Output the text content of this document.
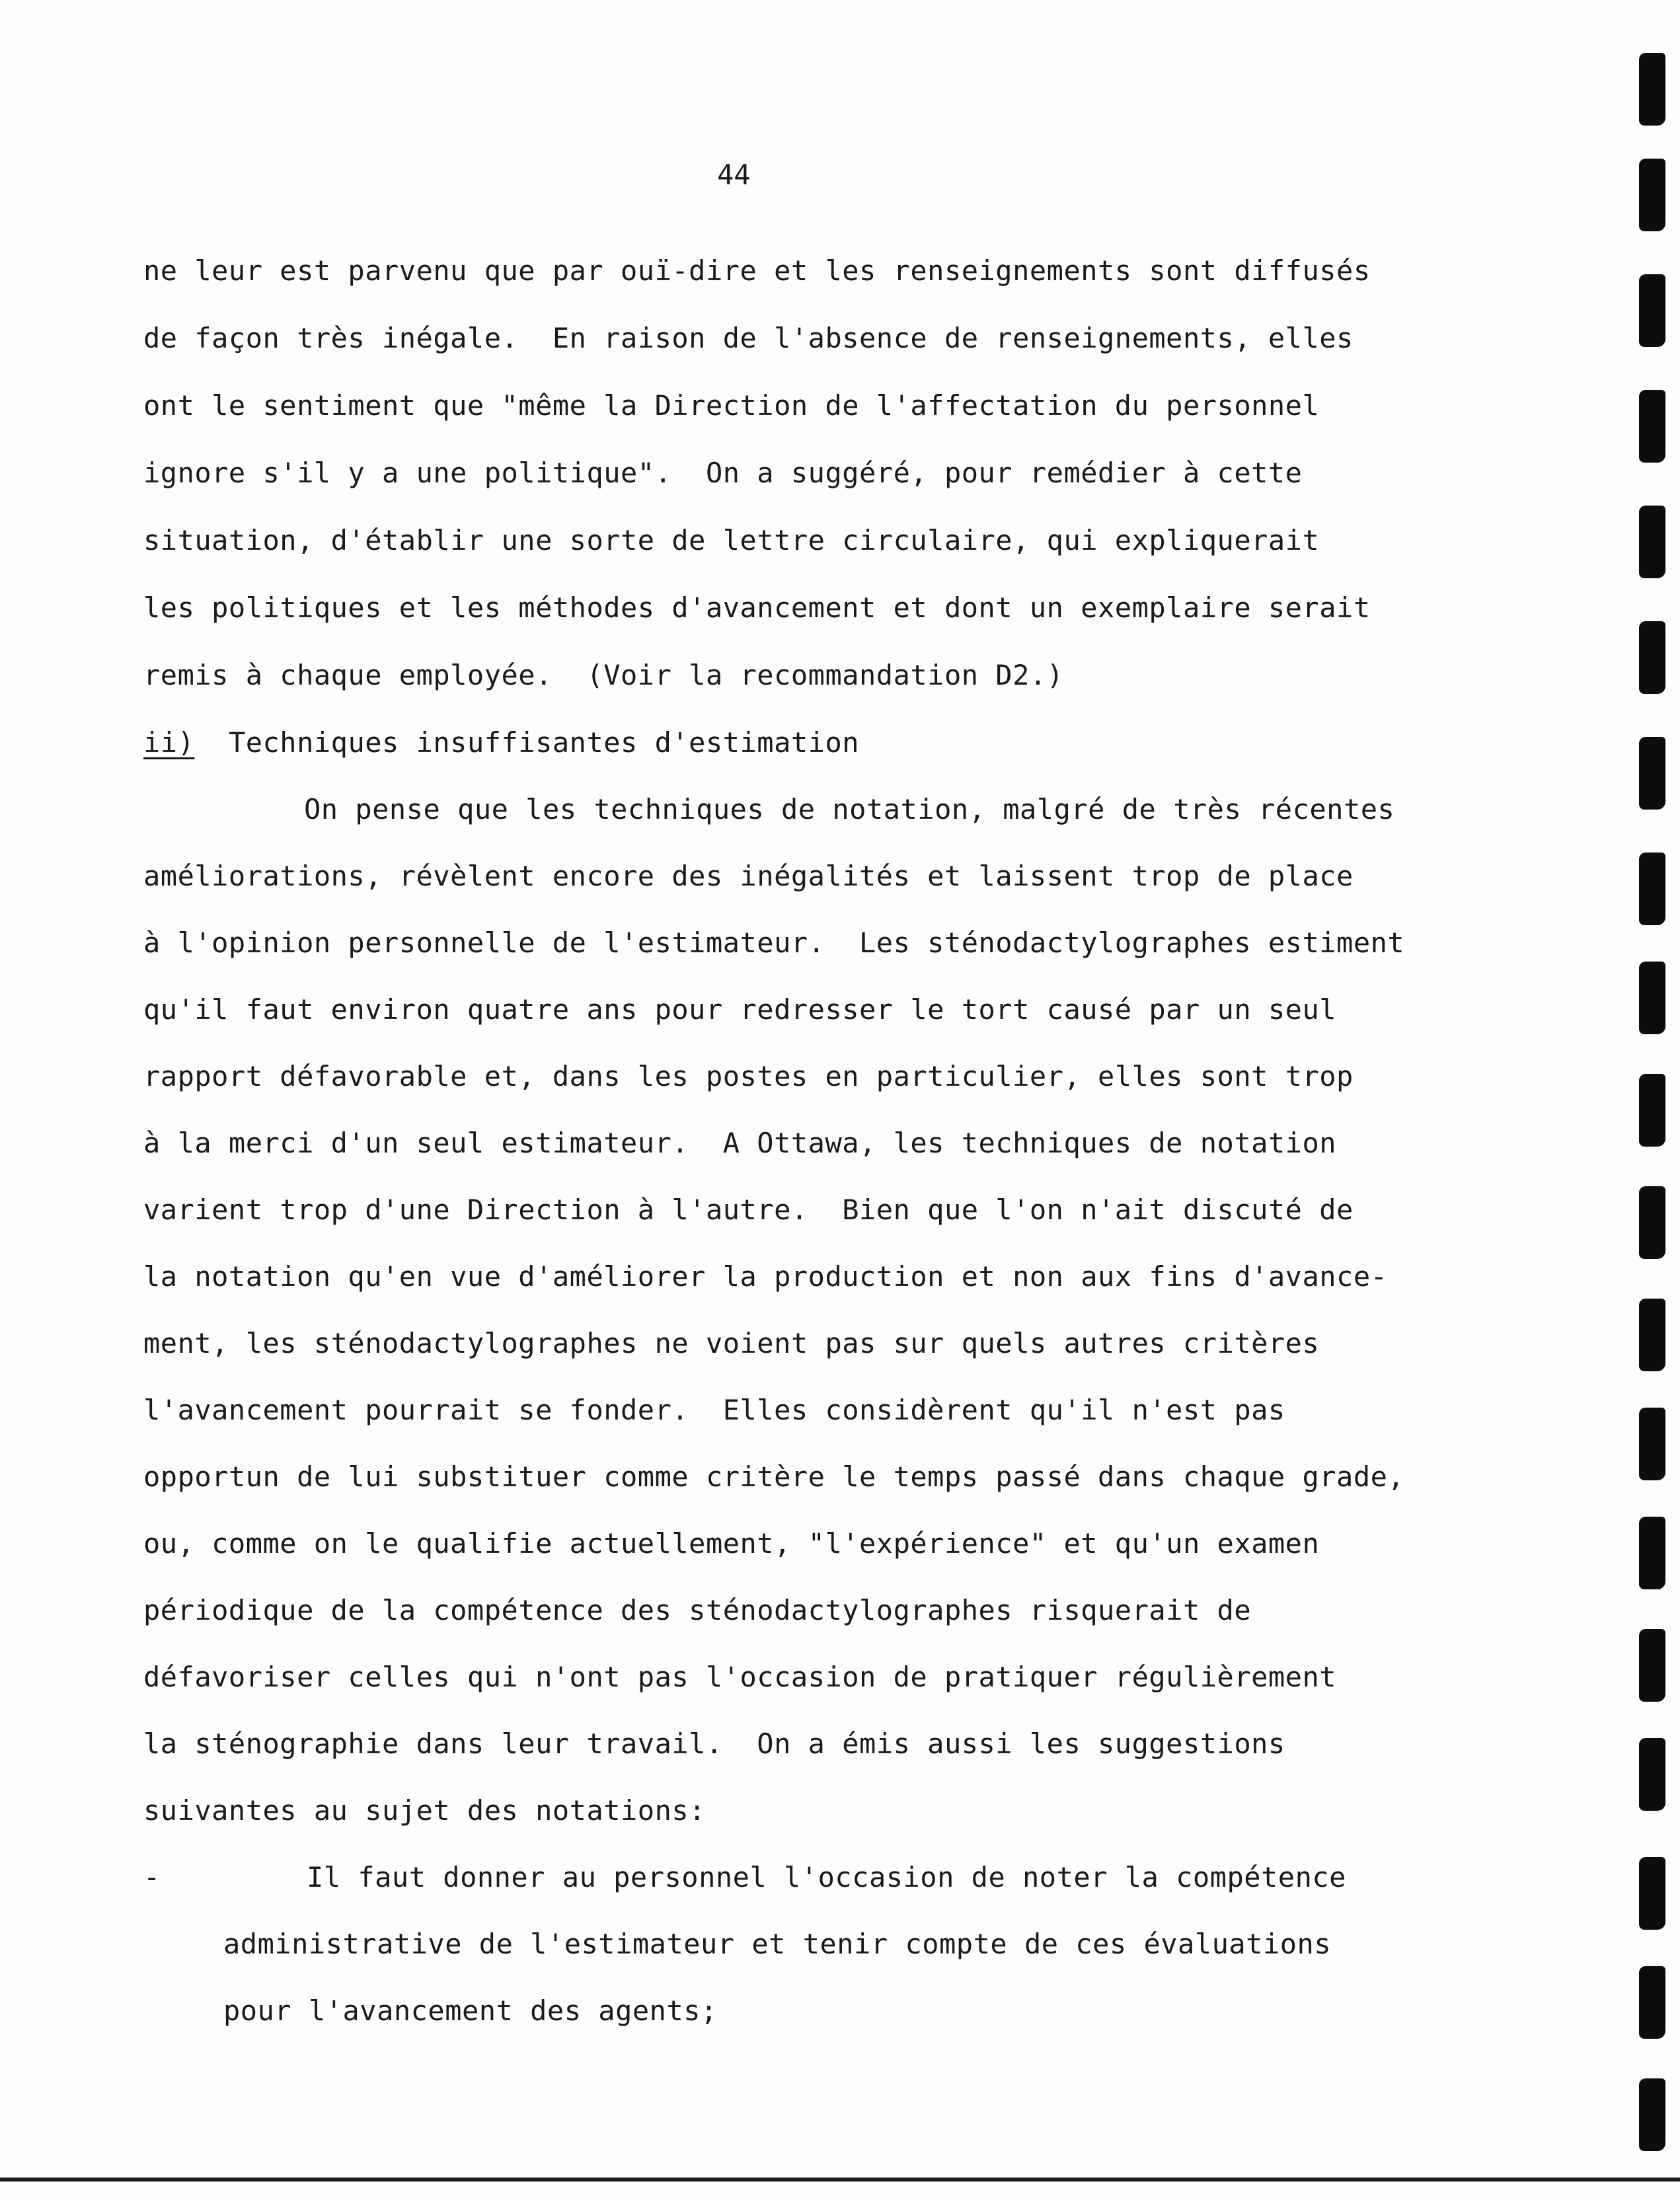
44
ne leur est parvenu que par ouï-dire et les renseignements sont diffusés
de façon très inégale.  En raison de l'absence de renseignements, elles
ont le sentiment que "même la Direction de l'affectation du personnel
ignore s'il y a une politique".  On a suggéré, pour remédier à cette
situation, d'établir une sorte de lettre circulaire, qui expliquerait
les politiques et les méthodes d'avancement et dont un exemplaire serait
remis à chaque employée.  (Voir la recommandation D2.)
ii) Techniques insuffisantes d'estimation
On pense que les techniques de notation, malgré de très récentes
améliorations, révèlent encore des inégalités et laissent trop de place
à l'opinion personnelle de l'estimateur.  Les sténodactylographes estiment
qu'il faut environ quatre ans pour redresser le tort causé par un seul
rapport défavorable et, dans les postes en particulier, elles sont trop
à la merci d'un seul estimateur.  A Ottawa, les techniques de notation
varient trop d'une Direction à l'autre.  Bien que l'on n'ait discuté de
la notation qu'en vue d'améliorer la production et non aux fins d'avance-
ment, les sténodactylographes ne voient pas sur quels autres critères
l'avancement pourrait se fonder.  Elles considèrent qu'il n'est pas
opportun de lui substituer comme critère le temps passé dans chaque grade,
ou, comme on le qualifie actuellement, "l'expérience" et qu'un examen
périodique de la compétence des sténodactylographes risquerait de
défavoriser celles qui n'ont pas l'occasion de pratiquer régulièrement
la sténographie dans leur travail.  On a émis aussi les suggestions
suivantes au sujet des notations:
-	Il faut donner au personnel l'occasion de noter la compétence
administrative de l'estimateur et tenir compte de ces évaluations
pour l'avancement des agents;
